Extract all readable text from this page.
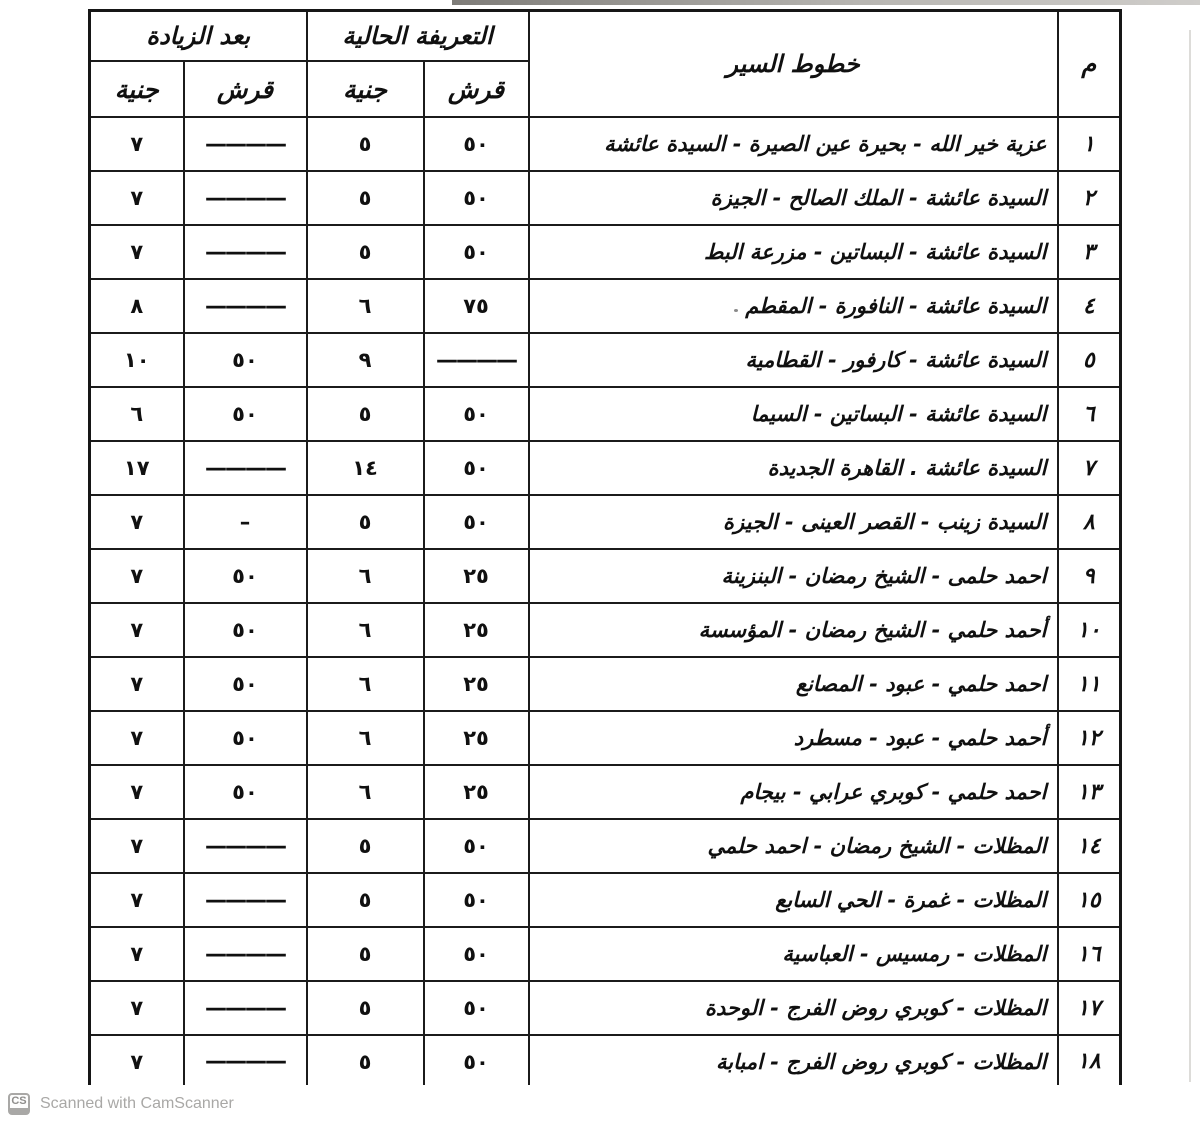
م	خطوط السير	التعريفة الحالية		بعد الزيادة	
		قرش	جنية	قرش	جنية
١	عزية خير الله - بحيرة عين الصيرة - السيدة عائشة	٥٠	٥	————	٧
٢	السيدة عائشة - الملك الصالح - الجيزة	٥٠	٥	————	٧
٣	السيدة عائشة - البساتين - مزرعة البط	٥٠	٥	————	٧
٤	السيدة عائشة - النافورة - المقطم	٧٥	٦	————	٨
٥	السيدة عائشة - كارفور - القطامية	————	٩	٥٠	١٠
٦	السيدة عائشة - البساتين - السيما	٥٠	٥	٥٠	٦
٧	السيدة عائشة . القاهرة الجديدة	٥٠	١٤	————	١٧
٨	السيدة زينب - القصر العينى - الجيزة	٥٠	٥	–	٧
٩	احمد حلمى - الشيخ رمضان - البنزينة	٢٥	٦	٥٠	٧
١٠	أحمد حلمي - الشيخ رمضان - المؤسسة	٢٥	٦	٥٠	٧
١١	احمد حلمي - عبود - المصانع	٢٥	٦	٥٠	٧
١٢	أحمد حلمي - عبود - مسطرد	٢٥	٦	٥٠	٧
١٣	احمد حلمي - كوبري عرابي - بيجام	٢٥	٦	٥٠	٧
١٤	المظلات - الشيخ رمضان - احمد حلمي	٥٠	٥	————	٧
١٥	المظلات - غمرة - الحي السابع	٥٠	٥	————	٧
١٦	المظلات - رمسيس - العباسية	٥٠	٥	————	٧
١٧	المظلات - كوبري روض الفرج - الوحدة	٥٠	٥	————	٧
١٨	المظلات - كوبري روض الفرج - امبابة	٥٠	٥	————	٧
CS Scanned with CamScanner
